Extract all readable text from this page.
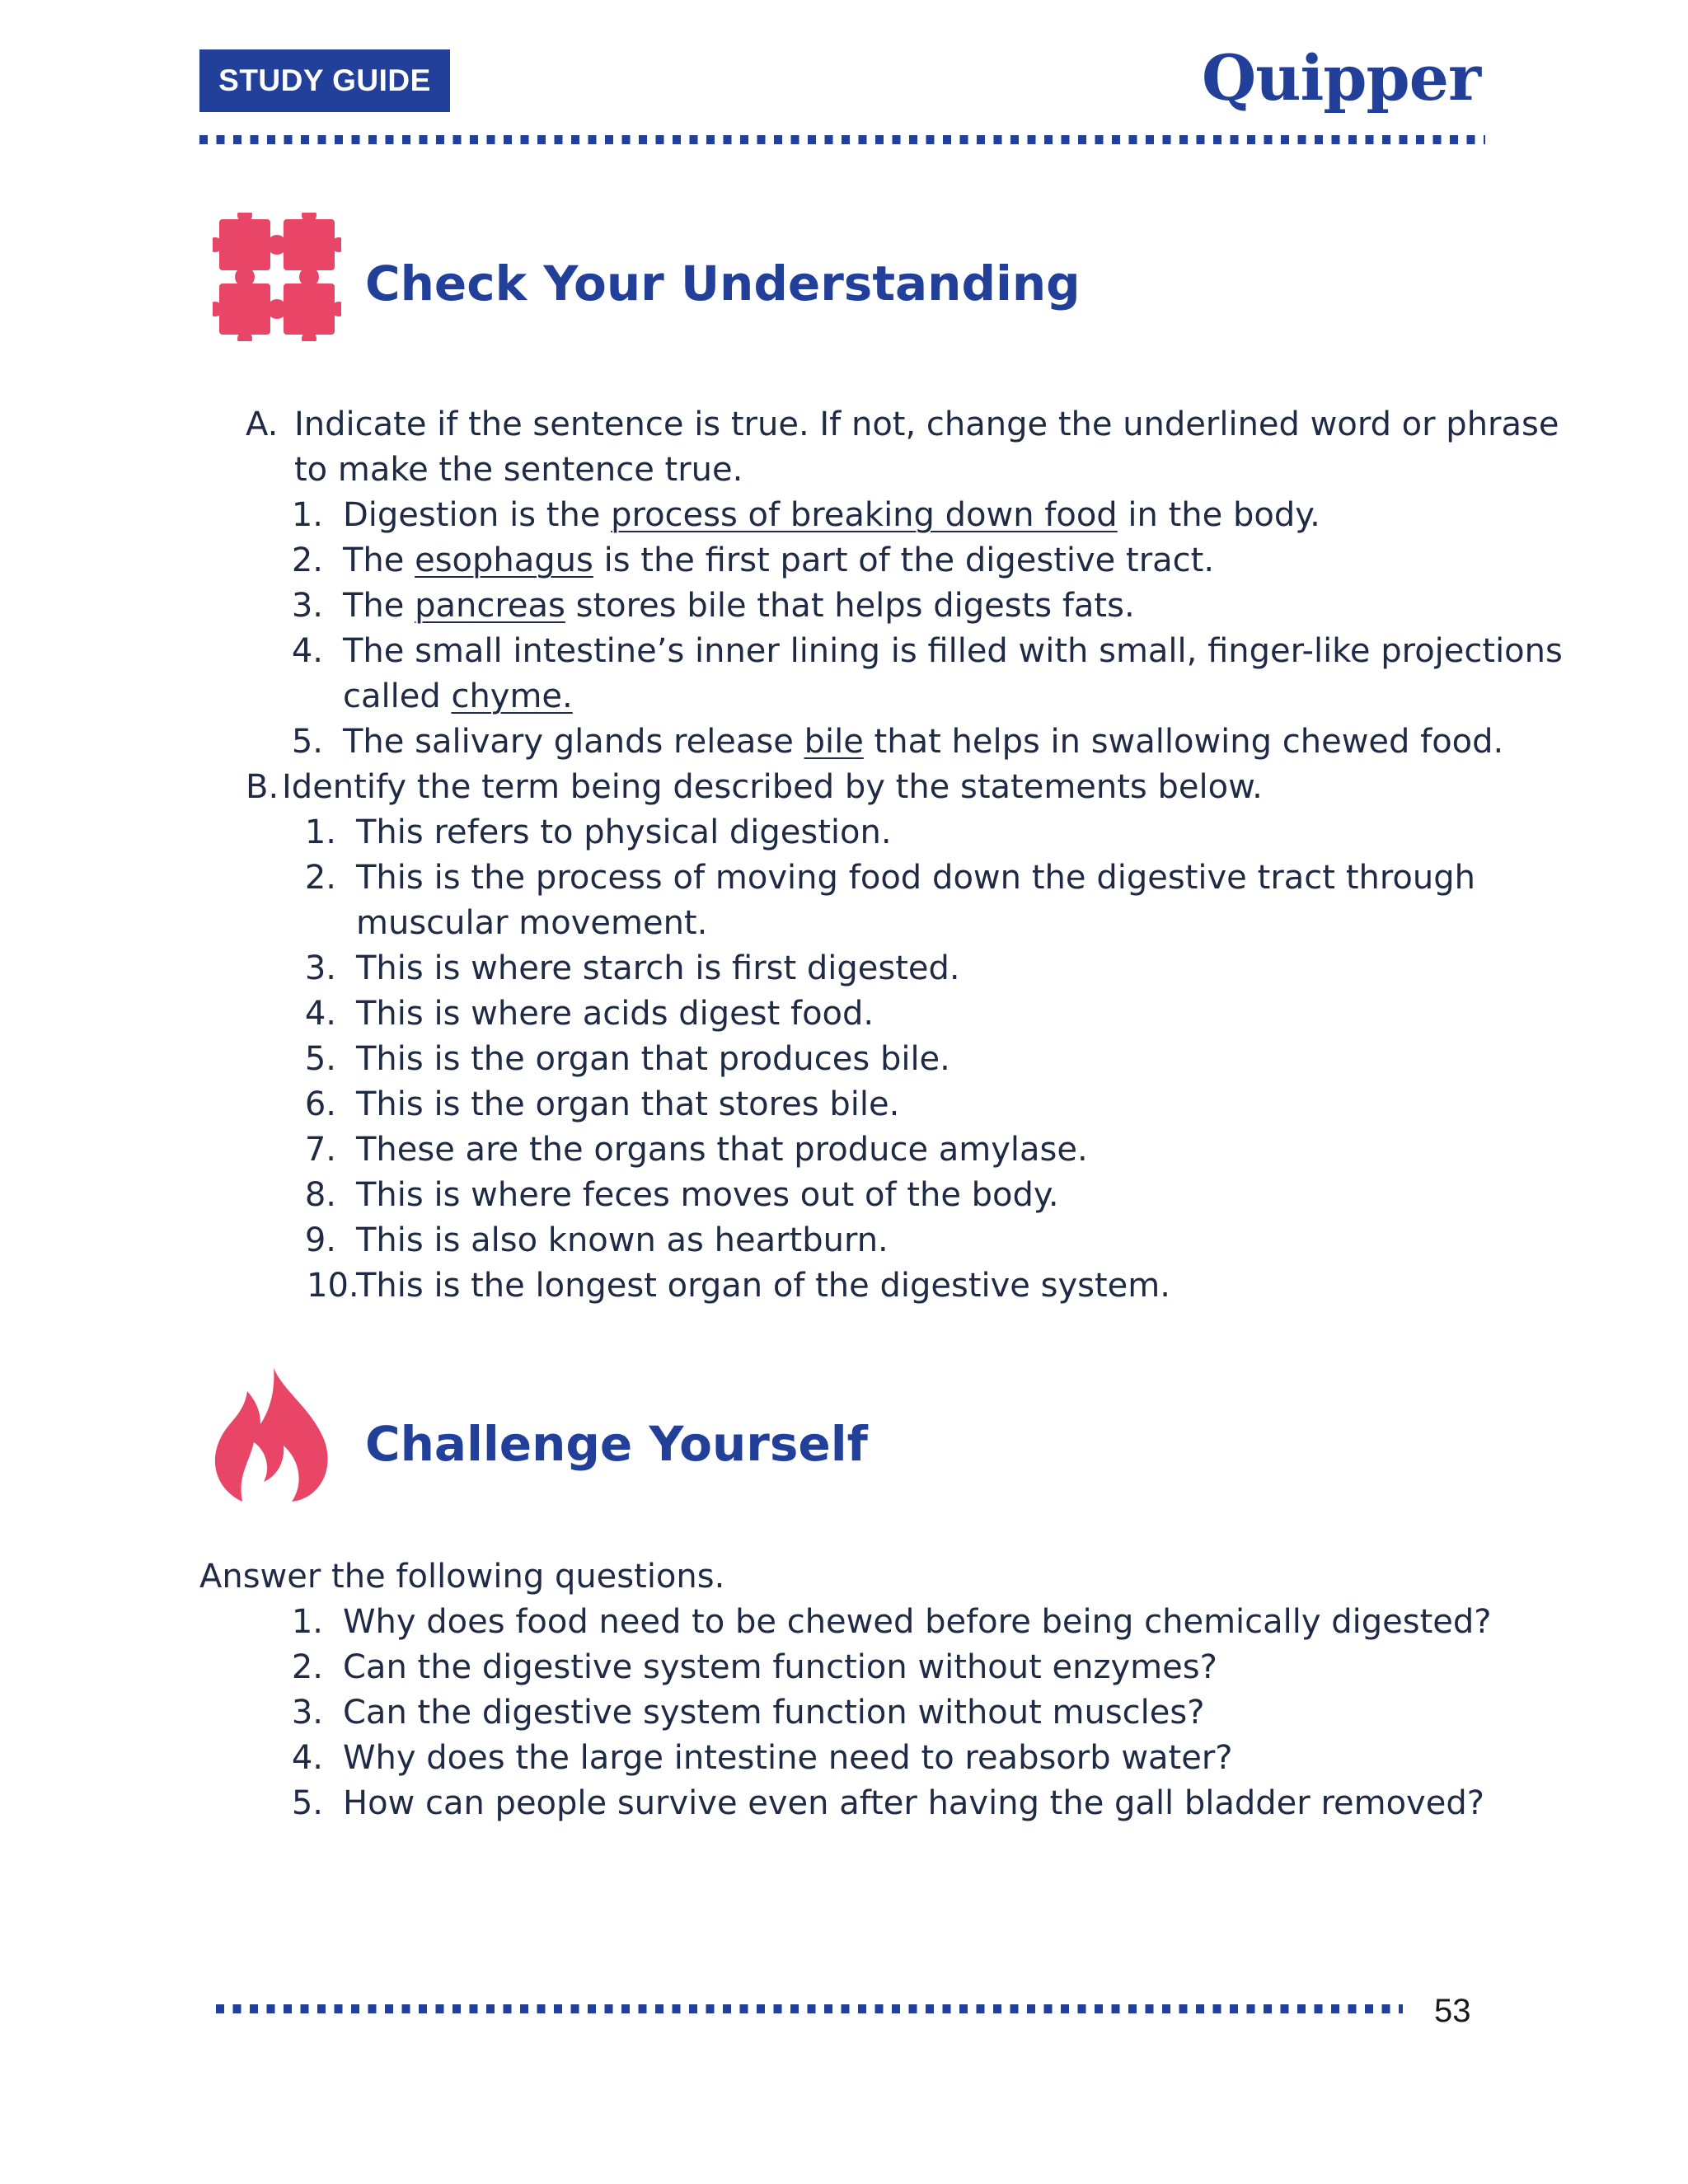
STUDY GUIDE	Quipper
Check Your Understanding
A. Indicate if the sentence is true. If not, change the underlined word or phrase
to make the sentence true.
1. Digestion is the process of breaking down food in the body.
2. The esophagus is the first part of the digestive tract.
3. The pancreas stores bile that helps digests fats.
4. The small intestine’s inner lining is filled with small, finger-like projections
called chyme.
5. The salivary glands release bile that helps in swallowing chewed food.
B. Identify the term being described by the statements below.
1. This refers to physical digestion.
2. This is the process of moving food down the digestive tract through
muscular movement.
3. This is where starch is first digested.
4. This is where acids digest food.
5. This is the organ that produces bile.
6. This is the organ that stores bile.
7. These are the organs that produce amylase.
8. This is where feces moves out of the body.
9. This is also known as heartburn.
10.
This is the longest organ of the digestive system.
Challenge Yourself
Answer the following questions.
1. Why does food need to be chewed before being chemically digested?
2. Can the digestive system function without enzymes?
3. Can the digestive system function without muscles?
4. Why does the large intestine need to reabsorb water?
5. How can people survive even after having the gall bladder removed?
53
